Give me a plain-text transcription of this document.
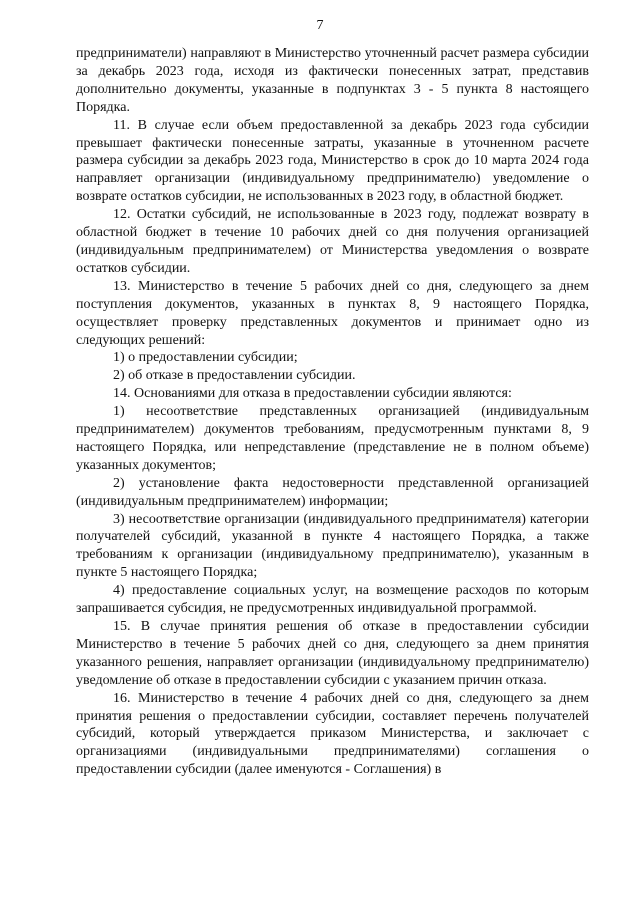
7

предприниматели) направляют в Министерство уточненный расчет размера субсидии за декабрь 2023 года, исходя из фактически понесенных затрат, представив дополнительно документы, указанные в подпунктах 3 - 5 пункта 8 настоящего Порядка.

11. В случае если объем предоставленной за декабрь 2023 года субсидии превышает фактически понесенные затраты, указанные в уточненном расчете размера субсидии за декабрь 2023 года, Министерство в срок до 10 марта 2024 года направляет организации (индивидуальному предпринимателю) уведомление о возврате остатков субсидии, не использованных в 2023 году, в областной бюджет.

12. Остатки субсидий, не использованные в 2023 году, подлежат возврату в областной бюджет в течение 10 рабочих дней со дня получения организацией (индивидуальным предпринимателем) от Министерства уведомления о возврате остатков субсидии.

13. Министерство в течение 5 рабочих дней со дня, следующего за днем поступления документов, указанных в пунктах 8, 9 настоящего Порядка, осуществляет проверку представленных документов и принимает одно из следующих решений:

1) о предоставлении субсидии;

2) об отказе в предоставлении субсидии.

14. Основаниями для отказа в предоставлении субсидии являются:

1) несоответствие представленных организацией (индивидуальным предпринимателем) документов требованиям, предусмотренным пунктами 8, 9 настоящего Порядка, или непредставление (представление не в полном объеме) указанных документов;

2) установление факта недостоверности представленной организацией (индивидуальным предпринимателем) информации;

3) несоответствие организации (индивидуального предпринимателя) категории получателей субсидий, указанной в пункте 4 настоящего Порядка, а также требованиям к организации (индивидуальному предпринимателю), указанным в пункте 5 настоящего Порядка;

4) предоставление социальных услуг, на возмещение расходов по которым запрашивается субсидия, не предусмотренных индивидуальной программой.

15. В случае принятия решения об отказе в предоставлении субсидии Министерство в течение 5 рабочих дней со дня, следующего за днем принятия указанного решения, направляет организации (индивидуальному предпринимателю) уведомление об отказе в предоставлении субсидии с указанием причин отказа.

16. Министерство в течение 4 рабочих дней со дня, следующего за днем принятия решения о предоставлении субсидии, составляет перечень получателей субсидий, который утверждается приказом Министерства, и заключает с организациями (индивидуальными предпринимателями) соглашения о предоставлении субсидии (далее именуются - Соглашения) в
